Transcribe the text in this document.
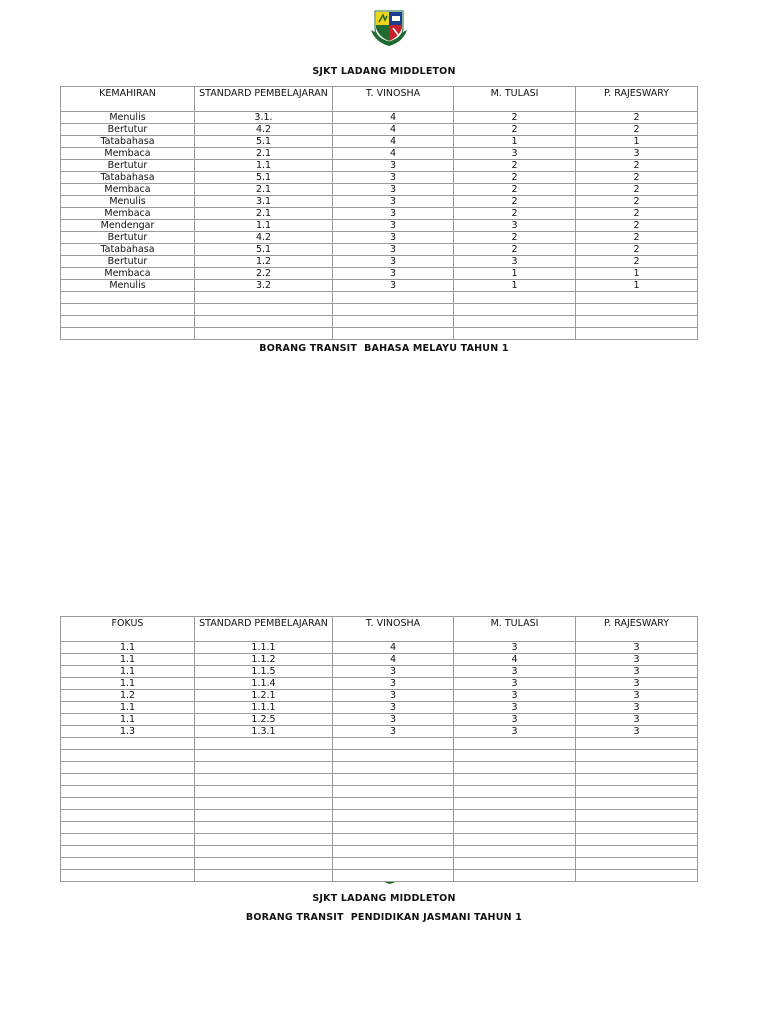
SJKT LADANG MIDDLETON
KEMAHIRAN	STANDARD PEMBELAJARAN	T. VINOSHA	M. TULASI	P. RAJESWARY
Menulis	3.1.	4	2	2
Bertutur	4.2	4	2	2
Tatabahasa	5.1	4	1	1
Membaca	2.1	4	3	3
Bertutur	1.1	3	2	2
Tatabahasa	5.1	3	2	2
Membaca	2.1	3	2	2
Menulis	3.1	3	2	2
Membaca	2.1	3	2	2
Mendengar	1.1	3	3	2
Bertutur	4.2	3	2	2
Tatabahasa	5.1	3	2	2
Bertutur	1.2	3	3	2
Membaca	2.2	3	1	1
Menulis	3.2	3	1	1

BORANG TRANSIT  BAHASA MELAYU TAHUN 1
FOKUS	STANDARD PEMBELAJARAN	T. VINOSHA	M. TULASI	P. RAJESWARY
1.1	1.1.1	4	3	3
1.1	1.1.2	4	4	3
1.1	1.1.5	3	3	3
1.1	1.1.4	3	3	3
1.2	1.2.1	3	3	3
1.1	1.1.1	3	3	3
1.1	1.2.5	3	3	3
1.3	1.3.1	3	3	3

SJKT LADANG MIDDLETON
BORANG TRANSIT  PENDIDIKAN JASMANI TAHUN 1
